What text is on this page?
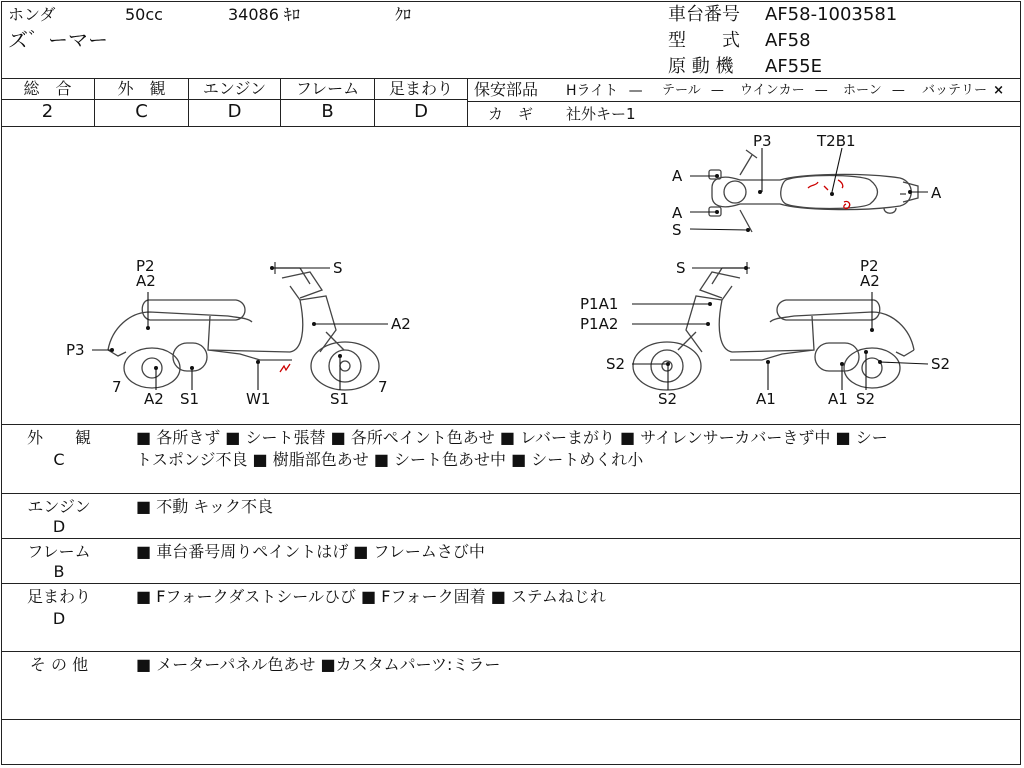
ホンダ	50cc	34086 ｷﾛ	ｸﾛ
ズ゛ーマー
車台番号 AF58-1003581
型　　式 AF58
原 動 機 AF55E
総　合	外　観	エンジン	フレーム	足まわり
2	C	D	B	D
保安部品 Hライト — テール — ウインカー — ホーン — バッテリー ×
カ　ギ 社外キー1
P3	T2B1
A
A
A
S
P2
A2
S
A2
P3
7
A2 S1	W1	S1
7
S	P2
A2
P1A1
P1A2
S2
S2	A1	A1 S2
S2
外　　観
C
■ 各所きず ■ シート張替 ■ 各所ペイント色あせ ■ レバーまがり ■ サイレンサーカバーきず中 ■ シー
トスポンジ不良 ■ 樹脂部色あせ ■ シート色あせ中 ■ シートめくれ小
エンジン
D
■ 不動 キック不良
フレーム
B
■ 車台番号周りペイントはげ ■ フレームさび中
足まわり
D
■ Fフォークダストシールひび ■ Fフォーク固着 ■ ステムねじれ
そ の 他	■ メーターパネル色あせ ■カスタムパーツ:ミラー
